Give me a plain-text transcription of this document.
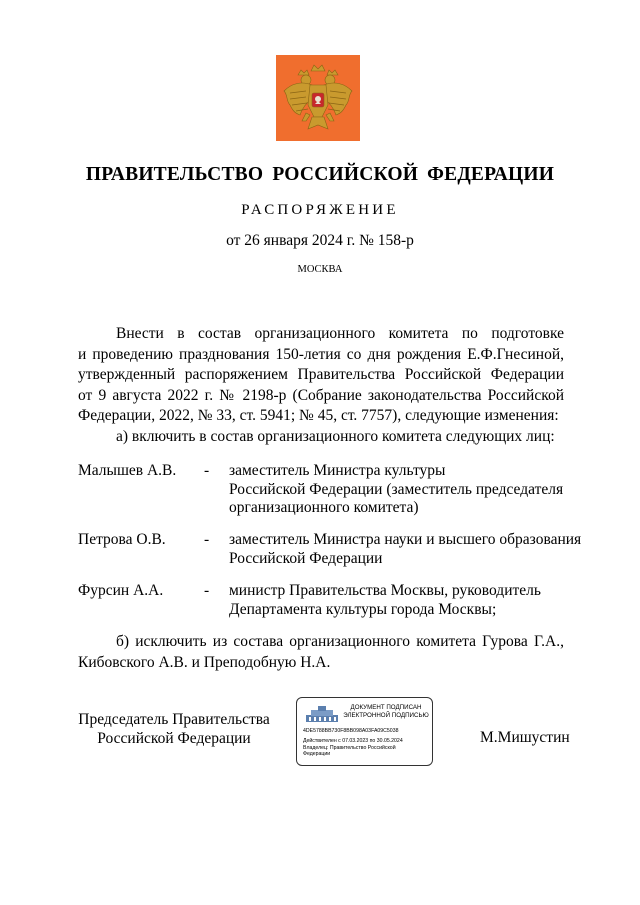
ПРАВИТЕЛЬСТВО РОССИЙСКОЙ ФЕДЕРАЦИИ
РАСПОРЯЖЕНИЕ
от 26 января 2024 г. № 158-р
МОСКВА
Внести в состав организационного комитета по подготовке
и проведению празднования 150-летия со дня рождения Е.Ф.Гнесиной,
утвержденный распоряжением Правительства Российской Федерации
от 9 августа 2022 г. № 2198-р (Собрание законодательства Российской
Федерации, 2022, № 33, ст. 5941; № 45, ст. 7757), следующие изменения:
а) включить в состав организационного комитета следующих лиц:
Малышев А.В. - заместитель Министра культуры
Российской Федерации (заместитель председателя
организационного комитета)
Петрова О.В. - заместитель Министра науки и высшего образования
Российской Федерации
Фурсин А.А.	- министр Правительства Москвы, руководитель
Департамента культуры города Москвы;
б) исключить из состава организационного комитета Гурова Г.А.,
Кибовского А.В. и Преподобную Н.А.
Председатель Правительства
Российской Федерации
ДОКУМЕНТ ПОДПИСАН
ЭЛЕКТРОННОЙ ПОДПИСЬЮ
4DE5788BB730F8BB098A03FA09C5038
Действителен с 07.03.2023 по 30.05.2024
Владелец: Правительство Российской
Федерации
М.Мишустин
